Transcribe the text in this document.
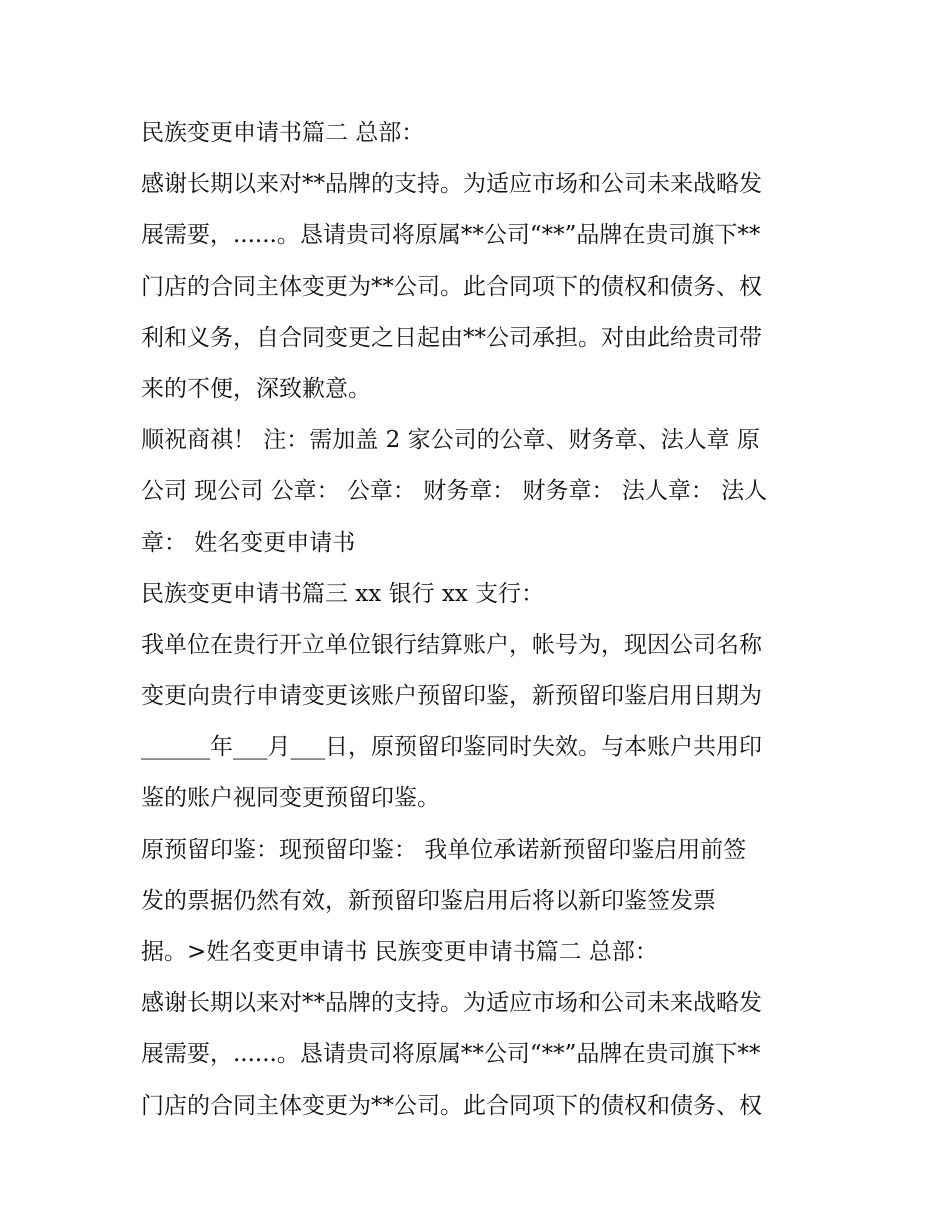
民族变更申请书篇二 总部：
感谢长期以来对**品牌的支持。为适应市场和公司未来战略发
展需要，......。恳请贵司将原属**公司“**”品牌在贵司旗下**
门店的合同主体变更为**公司。此合同项下的债权和债务、权
利和义务，自合同变更之日起由**公司承担。对由此给贵司带
来的不便，深致歉意。
顺祝商祺！ 注：需加盖 2 家公司的公章、财务章、法人章 原
公司 现公司 公章： 公章： 财务章： 财务章： 法人章： 法人
章： 姓名变更申请书
民族变更申请书篇三 xx 银行 xx 支行：
我单位在贵行开立单位银行结算账户，帐号为，现因公司名称
变更向贵行申请变更该账户预留印鉴，新预留印鉴启用日期为
______年___月___日，原预留印鉴同时失效。与本账户共用印
鉴的账户视同变更预留印鉴。
原预留印鉴：现预留印鉴： 我单位承诺新预留印鉴启用前签
发的票据仍然有效，新预留印鉴启用后将以新印鉴签发票
据。>姓名变更申请书 民族变更申请书篇二 总部：
感谢长期以来对**品牌的支持。为适应市场和公司未来战略发
展需要，......。恳请贵司将原属**公司“**”品牌在贵司旗下**
门店的合同主体变更为**公司。此合同项下的债权和债务、权
